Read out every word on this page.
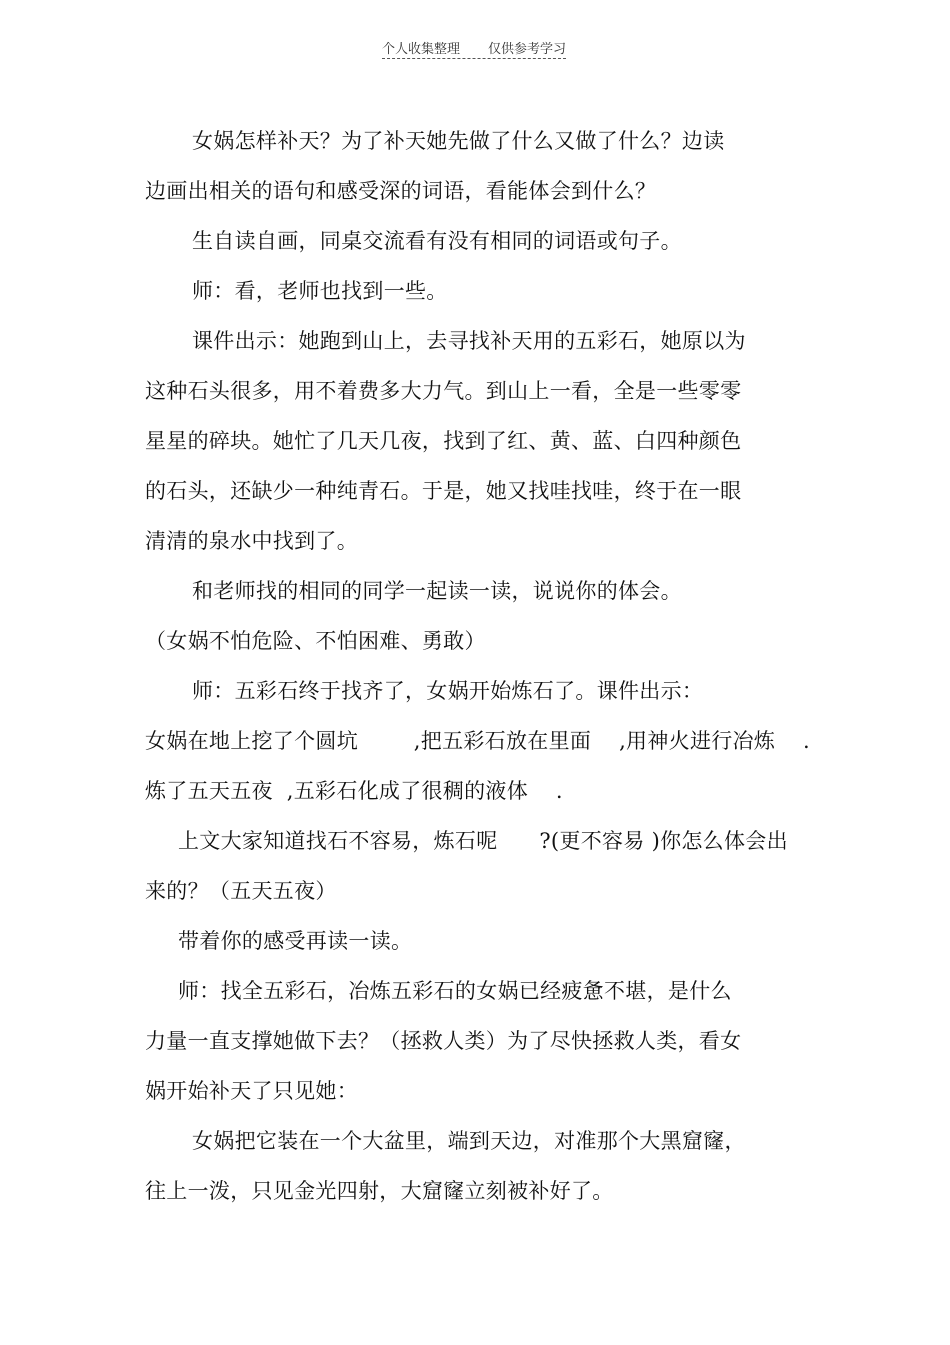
个人收集整理 仅供参考学习
女娲怎样补天？为了补天她先做了什么又做了什么？边读
边画出相关的语句和感受深的词语，看能体会到什么？
生自读自画，同桌交流看有没有相同的词语或句子。
师：看，老师也找到一些。
课件出示：她跑到山上，去寻找补天用的五彩石，她原以为
这种石头很多，用不着费多大力气。到山上一看，全是一些零零
星星的碎块。她忙了几天几夜，找到了红、黄、蓝、白四种颜色
的石头，还缺少一种纯青石。于是，她又找哇找哇，终于在一眼
清清的泉水中找到了。
和老师找的相同的同学一起读一读，说说你的体会。
（女娲不怕危险、不怕困难、勇敢）
师：五彩石终于找齐了，女娲开始炼石了。课件出示：
女娲在地上挖了个圆坑        ,把五彩石放在里面    ,用神火进行冶炼    .
炼了五天五夜  ,五彩石化成了很稠的液体    .
上文大家知道找石不容易，炼石呢      ?(更不容易 )你怎么体会出
来的？（五天五夜）
带着你的感受再读一读。
师：找全五彩石，冶炼五彩石的女娲已经疲惫不堪，是什么
力量一直支撑她做下去？（拯救人类）为了尽快拯救人类，看女
娲开始补天了只见她：
女娲把它装在一个大盆里，端到天边，对准那个大黑窟窿，
往上一泼，只见金光四射，大窟窿立刻被补好了。
